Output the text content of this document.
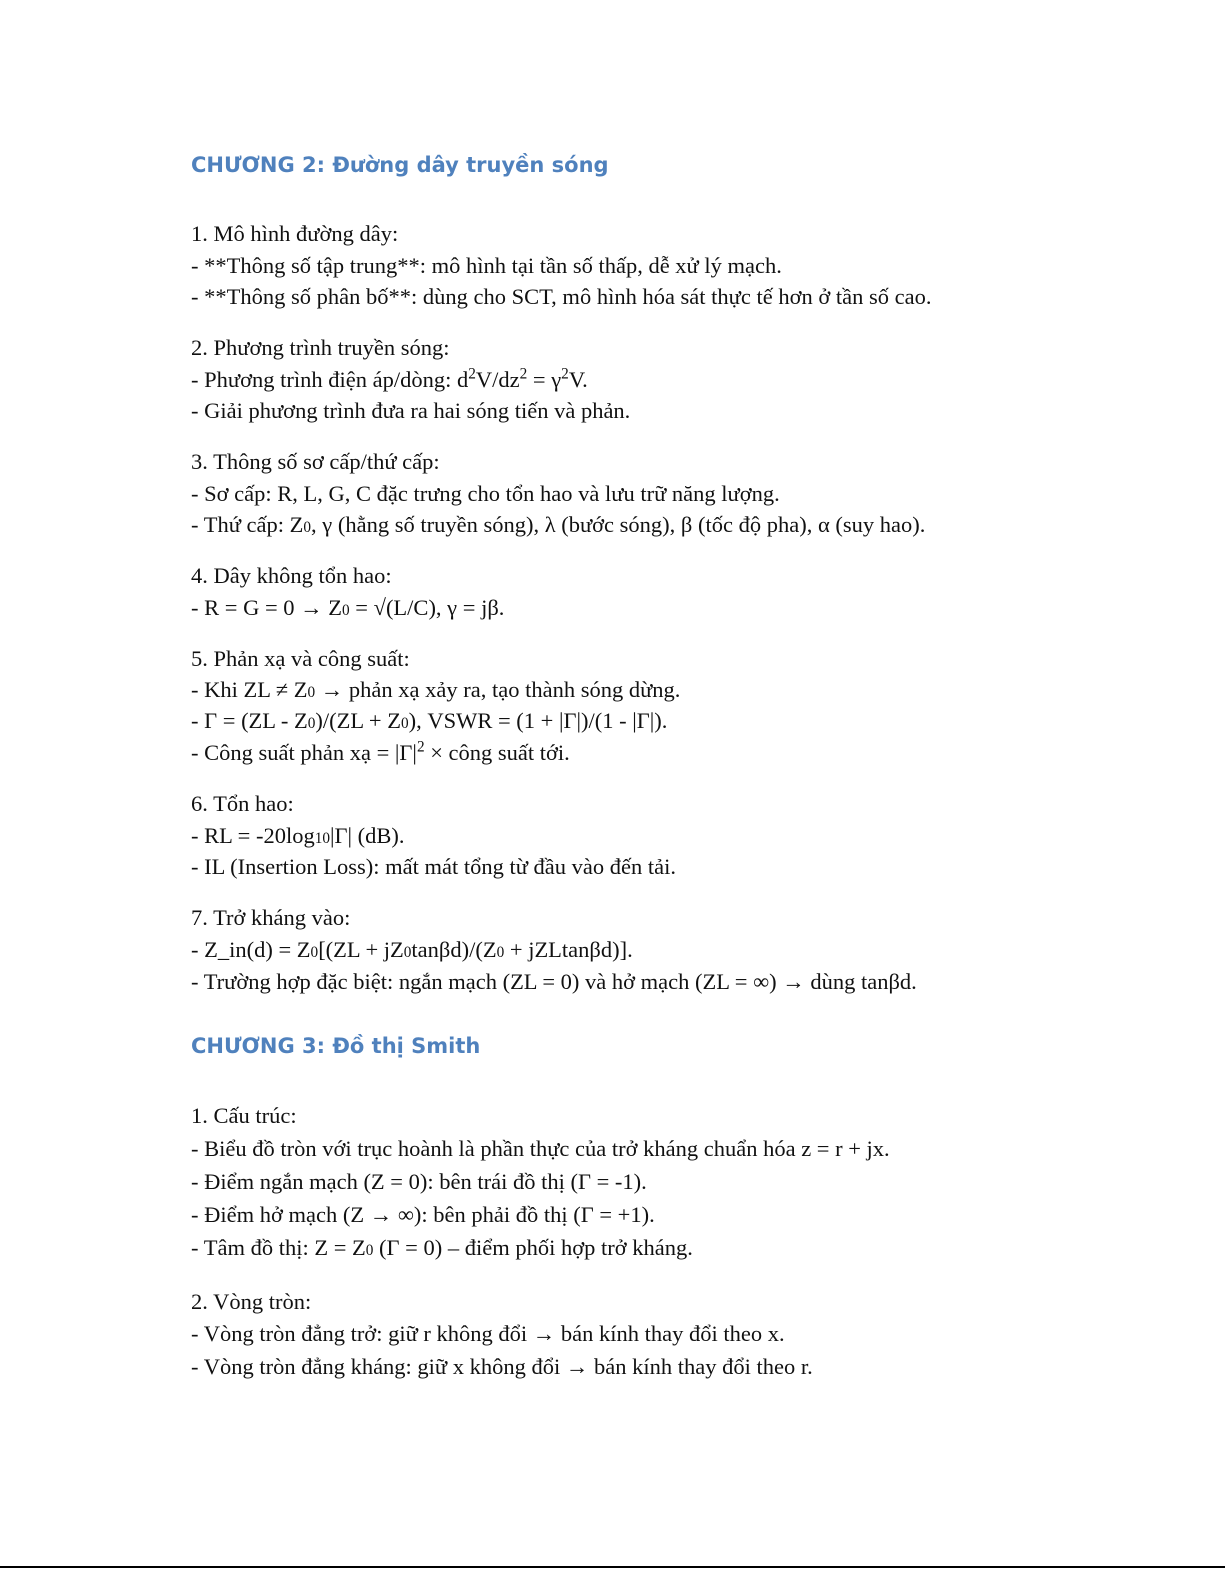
CHƯƠNG 2: Đường dây truyền sóng

1. Mô hình đường dây:

- **Thông số tập trung**: mô hình tại tần số thấp, dễ xử lý mạch.

- **Thông số phân bố**: dùng cho SCT, mô hình hóa sát thực tế hơn ở tần số cao.

2. Phương trình truyền sóng:

- Phương trình điện áp/dòng: $d^2V/dz^2 = \gamma^2V$.

- Giải phương trình đưa ra hai sóng tiến và phản.

3. Thông số sơ cấp/thứ cấp:

- Sơ cấp: R, L, G, C đặc trưng cho tổn hao và lưu trữ năng lượng.

- Thứ cấp: Z0, γ (hằng số truyền sóng), λ (bước sóng), β (tốc độ pha), α (suy hao).

4. Dây không tổn hao:

- R = G = 0 → Z0 = √(L/C), γ = jβ.

5. Phản xạ và công suất:

- Khi ZL ≠ Z0 → phản xạ xảy ra, tạo thành sóng dừng.

- Γ = (ZL - Z0)/(ZL + Z0), VSWR = (1 + |Γ|)/(1 - |Γ|).

- Công suất phản xạ = $|\Gamma|^2$ × công suất tới.

6. Tổn hao:

- RL = -20log10|Γ| (dB).

- IL (Insertion Loss): mất mát tổng từ đầu vào đến tải.

7. Trở kháng vào:

- Z_in(d) = Z0[(ZL + jZ0tanβd)/(Z0 + jZLtanβd)].

- Trường hợp đặc biệt: ngắn mạch (ZL = 0) và hở mạch (ZL = ∞) → dùng tanβd.

CHƯƠNG 3: Đồ thị Smith

1. Cấu trúc:

- Biểu đồ tròn với trục hoành là phần thực của trở kháng chuẩn hóa z = r + jx.

- Điểm ngắn mạch (Z = 0): bên trái đồ thị (Γ = -1).

- Điểm hở mạch (Z → ∞): bên phải đồ thị (Γ = +1).

- Tâm đồ thị: Z = Z0 (Γ = 0) – điểm phối hợp trở kháng.

2. Vòng tròn:

- Vòng tròn đẳng trở: giữ r không đổi → bán kính thay đổi theo x.

- Vòng tròn đẳng kháng: giữ x không đổi → bán kính thay đổi theo r.
